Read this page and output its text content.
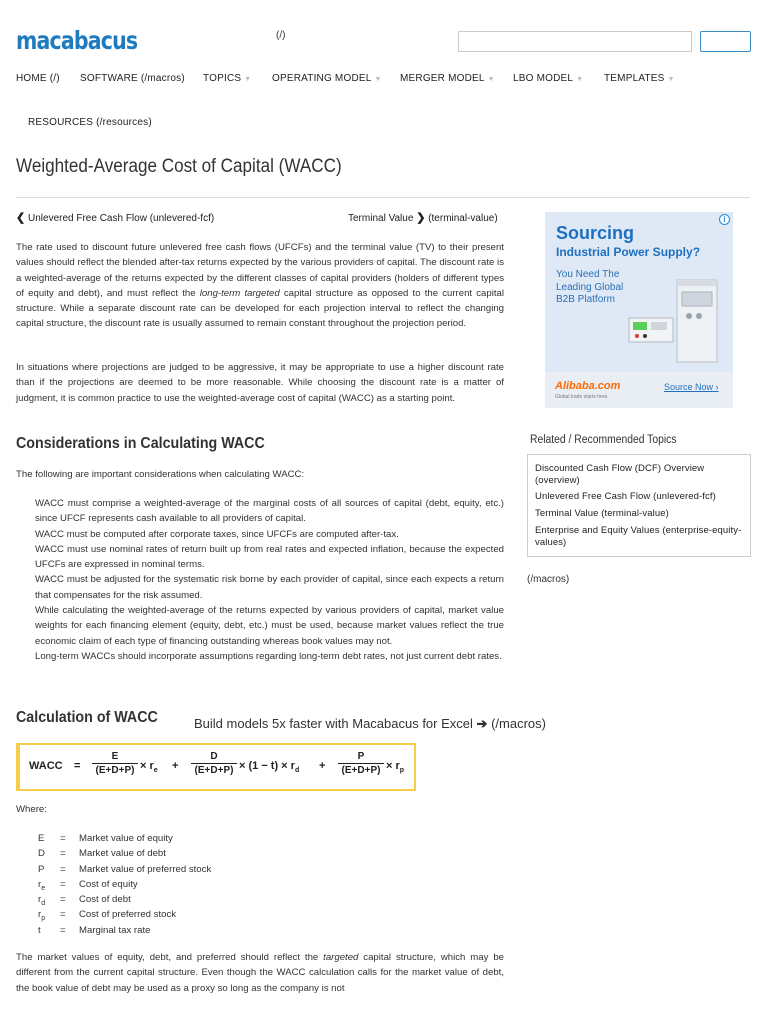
macabacus	(/)
HOME (/) SOFTWARE (/macros) TOPICS ▼ OPERATING MODEL ▼ MERGER MODEL ▼ LBO MODEL ▼ TEMPLATES ▼
RESOURCES (/resources)
Weighted-Average Cost of Capital (WACC)
❮ Unlevered Free Cash Flow (unlevered-fcf)	Terminal Value ❯ (terminal-value)

The rate used to discount future unlevered free cash flows (UFCFs) and the terminal value (TV) to their present values should reflect the blended after-tax returns expected by the various providers of capital. The discount rate is a weighted-average of the returns expected by the different classes of capital providers (holders of different types of equity and debt), and must reflect the long-term targeted capital structure as opposed to the current capital structure. While a separate discount rate can be developed for each projection interval to reflect the changing capital structure, the discount rate is usually assumed to remain constant throughout the projection period.

In situations where projections are judged to be aggressive, it may be appropriate to use a higher discount rate than if the projections are deemed to be more reasonable. While choosing the discount rate is a matter of judgment, it is common practice to use the weighted-average cost of capital (WACC) as a starting point.

Considerations in Calculating WACC

The following are important considerations when calculating WACC:

WACC must comprise a weighted-average of the marginal costs of all sources of capital (debt, equity, etc.) since UFCF represents cash available to all providers of capital.
WACC must be computed after corporate taxes, since UFCFs are computed after-tax.
WACC must use nominal rates of return built up from real rates and expected inflation, because the expected UFCFs are expressed in nominal terms.
WACC must be adjusted for the systematic risk borne by each provider of capital, since each expects a return that compensates for the risk assumed.
While calculating the weighted-average of the returns expected by various providers of capital, market value weights for each financing element (equity, debt, etc.) must be used, because market values reflect the true economic claim of each type of financing outstanding whereas book values may not.
Long-term WACCs should incorporate assumptions regarding long-term debt rates, not just current debt rates.
Calculation of WACC	Build models 5x faster with Macabacus for Excel ➔ (/macros)
WACC = $\frac{E}{(E+D+P)} \times r_e + \frac{D}{(E+D+P)} \times (1 - t) \times r_d + \frac{P}{(E+D+P)} \times r_p$
Where:
E = Market value of equity
D = Market value of debt
P = Market value of preferred stock
$r_e$ = Cost of equity
$r_d$ = Cost of debt
$r_p$ = Cost of preferred stock
t = Marginal tax rate

The market values of equity, debt, and preferred should reflect the targeted capital structure, which may be different from the current capital structure. Even though the WACC calculation calls for the market value of debt, the book value of debt may be used as a proxy so long as the company is not

i
Sourcing
Industrial Power Supply?
You Need The Leading Global B2B Platform
Alibaba.com
Global trade starts here.
Source Now ›
Related / Recommended Topics
Discounted Cash Flow (DCF) Overview (overview)
Unlevered Free Cash Flow (unlevered-fcf)
Terminal Value (terminal-value)
Enterprise and Equity Values (enterprise-equity-values)
(/macros)
